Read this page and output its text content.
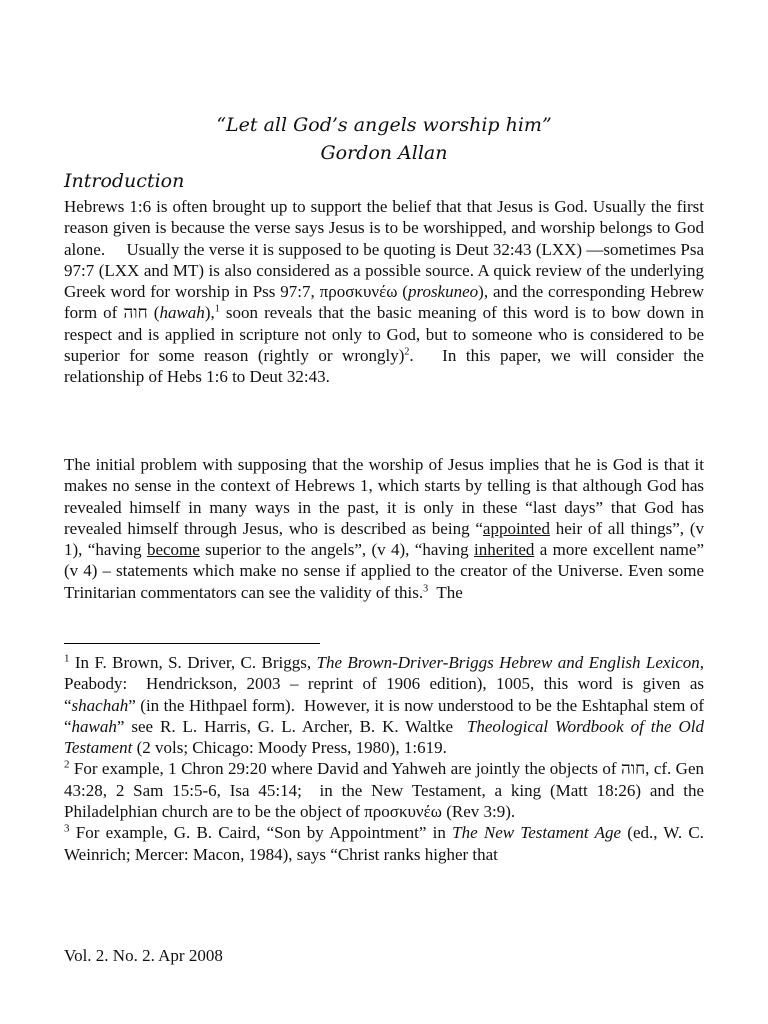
“Let all God’s angels worship him”
Gordon Allan
Introduction

Hebrews 1:6 is often brought up to support the belief that that Jesus is God. Usually the first reason given is because the verse says Jesus is to be worshipped, and worship belongs to God alone.     Usually the verse it is supposed to be quoting is Deut 32:43 (LXX) —sometimes Psa 97:7 (LXX and MT) is also considered as a possible source. A quick review of the underlying Greek word for worship in Pss 97:7, προσκυνέω (proskuneo), and the corresponding Hebrew form of חוה (hawah),$^1$ soon reveals that the basic meaning of this word is to bow down in respect and is applied in scripture not only to God, but to someone who is considered to be superior for some reason (rightly or wrongly)$^2$.   In this paper, we will consider the relationship of Hebs 1:6 to Deut 32:43.

The initial problem with supposing that the worship of Jesus implies that he is God is that it makes no sense in the context of Hebrews 1, which starts by telling is that although God has revealed himself in many ways in the past, it is only in these “last days” that God has revealed himself through Jesus, who is described as being “appointed heir of all things”, (v 1), “having become superior to the angels”, (v 4), “having inherited a more excellent name” (v 4) – statements which make no sense if applied to the creator of the Universe. Even some Trinitarian commentators can see the validity of this.$^3$  The

$^1$ In F. Brown, S. Driver, C. Briggs, The Brown-Driver-Briggs Hebrew and English Lexicon, Peabody:  Hendrickson, 2003 – reprint of 1906 edition), 1005, this word is given as “shachah” (in the Hithpael form).  However, it is now understood to be the Eshtaphal stem of “hawah” see R. L. Harris, G. L. Archer, B. K. Waltke  Theological Wordbook of the Old Testament (2 vols; Chicago: Moody Press, 1980), 1:619.

$^2$ For example, 1 Chron 29:20 where David and Yahweh are jointly the objects of חוה, cf. Gen 43:28, 2 Sam 15:5-6, Isa 45:14;  in the New Testament, a king (Matt 18:26) and the Philadelphian church are to be the object of προσκυνέω (Rev 3:9).

$^3$ For example, G. B. Caird, “Son by Appointment” in The New Testament Age (ed., W. C. Weinrich; Mercer: Macon, 1984), says “Christ ranks higher that

Vol. 2. No. 2. Apr 2008
